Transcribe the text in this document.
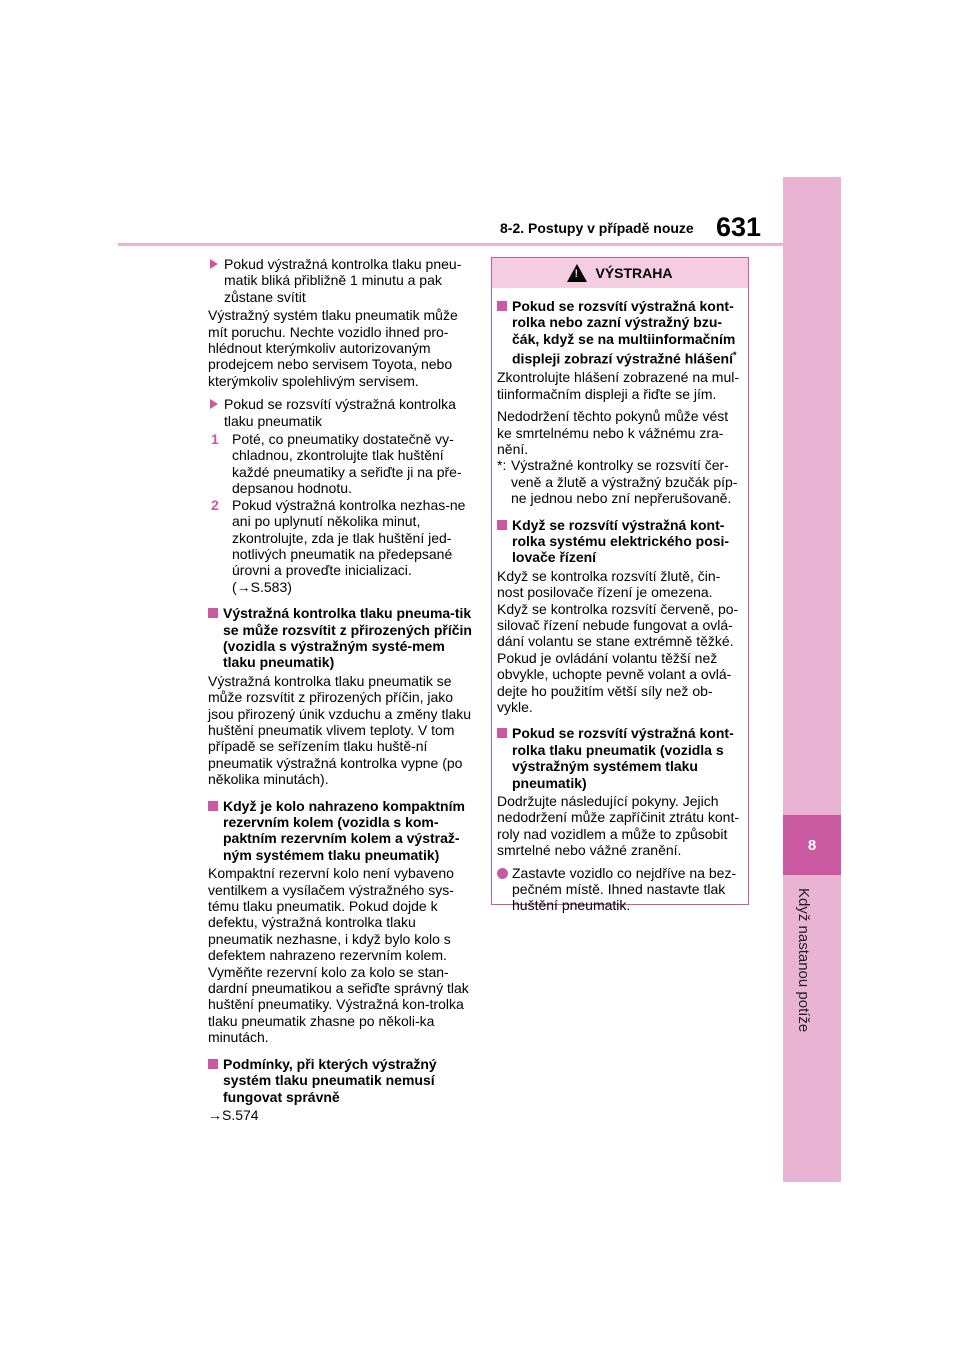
8
Když nastanou potíže
8-2. Postupy v případě nouze 631
Pokud výstražná kontrolka tlaku pneu-matik bliká přibližně 1 minutu a pak zůstane svítit

Výstražný systém tlaku pneumatik může mít poruchu. Nechte vozidlo ihned pro-hlédnout kterýmkoliv autorizovaným prodejcem nebo servisem Toyota, nebo kterýmkoliv spolehlivým servisem.

Pokud se rozsvítí výstražná kontrolka tlaku pneumatik
1 Poté, co pneumatiky dostatečně vy-chladnou, zkontrolujte tlak huštění každé pneumatiky a seřiďte ji na pře-depsanou hodnotu.
2 Pokud výstražná kontrolka nezhas-ne ani po uplynutí několika minut, zkontrolujte, zda je tlak huštění jed-notlivých pneumatik na předepsané úrovni a proveďte inicializaci. (→S.583)
Výstražná kontrolka tlaku pneuma-tik se může rozsvítit z přirozených příčin (vozidla s výstražným systé-mem tlaku pneumatik)

Výstražná kontrolka tlaku pneumatik se může rozsvítit z přirozených příčin, jako jsou přirozený únik vzduchu a změny tlaku huštění pneumatik vlivem teploty. V tom případě se seřízením tlaku huště-ní pneumatik výstražná kontrolka vypne (po několika minutách).

Když je kolo nahrazeno kompaktním rezervním kolem (vozidla s kom-paktním rezervním kolem a výstraž-ným systémem tlaku pneumatik)

Kompaktní rezervní kolo není vybaveno ventilkem a vysílačem výstražného sys-tému tlaku pneumatik. Pokud dojde k defektu, výstražná kontrolka tlaku pneumatik nezhasne, i když bylo kolo s defektem nahrazeno rezervním kolem. Vyměňte rezervní kolo za kolo se stan-dardní pneumatikou a seřiďte správný tlak huštění pneumatiky. Výstražná kon-trolka tlaku pneumatik zhasne po několi-ka minutách.

Podmínky, při kterých výstražný systém tlaku pneumatik nemusí fungovat správně

→S.574

! VÝSTRAHA
Pokud se rozsvítí výstražná kont-rolka nebo zazní výstražný bzu-čák, když se na multiinformačním displeji zobrazí výstražné hlášení*

Zkontrolujte hlášení zobrazené na mul-tiinformačním displeji a řiďte se jím.

Nedodržení těchto pokynů může vést ke smrtelnému nebo k vážnému zra-nění.

*: Výstražné kontrolky se rozsvítí čer-veně a žlutě a výstražný bzučák píp-ne jednou nebo zní nepřerušovaně.
Když se rozsvítí výstražná kont-rolka systému elektrického posi-lovače řízení

Když se kontrolka rozsvítí žlutě, čin-nost posilovače řízení je omezena. Když se kontrolka rozsvítí červeně, po-silovač řízení nebude fungovat a ovlá-dání volantu se stane extrémně těžké. Pokud je ovládání volantu těžší než obvykle, uchopte pevně volant a ovlá-dejte ho použitím větší síly než ob-vykle.

Pokud se rozsvítí výstražná kont-rolka tlaku pneumatik (vozidla s výstražným systémem tlaku pneumatik)

Dodržujte následující pokyny. Jejich nedodržení může zapříčinit ztrátu kont-roly nad vozidlem a může to způsobit smrtelné nebo vážné zranění.

Zastavte vozidlo co nejdříve na bez-pečném místě. Ihned nastavte tlak huštění pneumatik.
